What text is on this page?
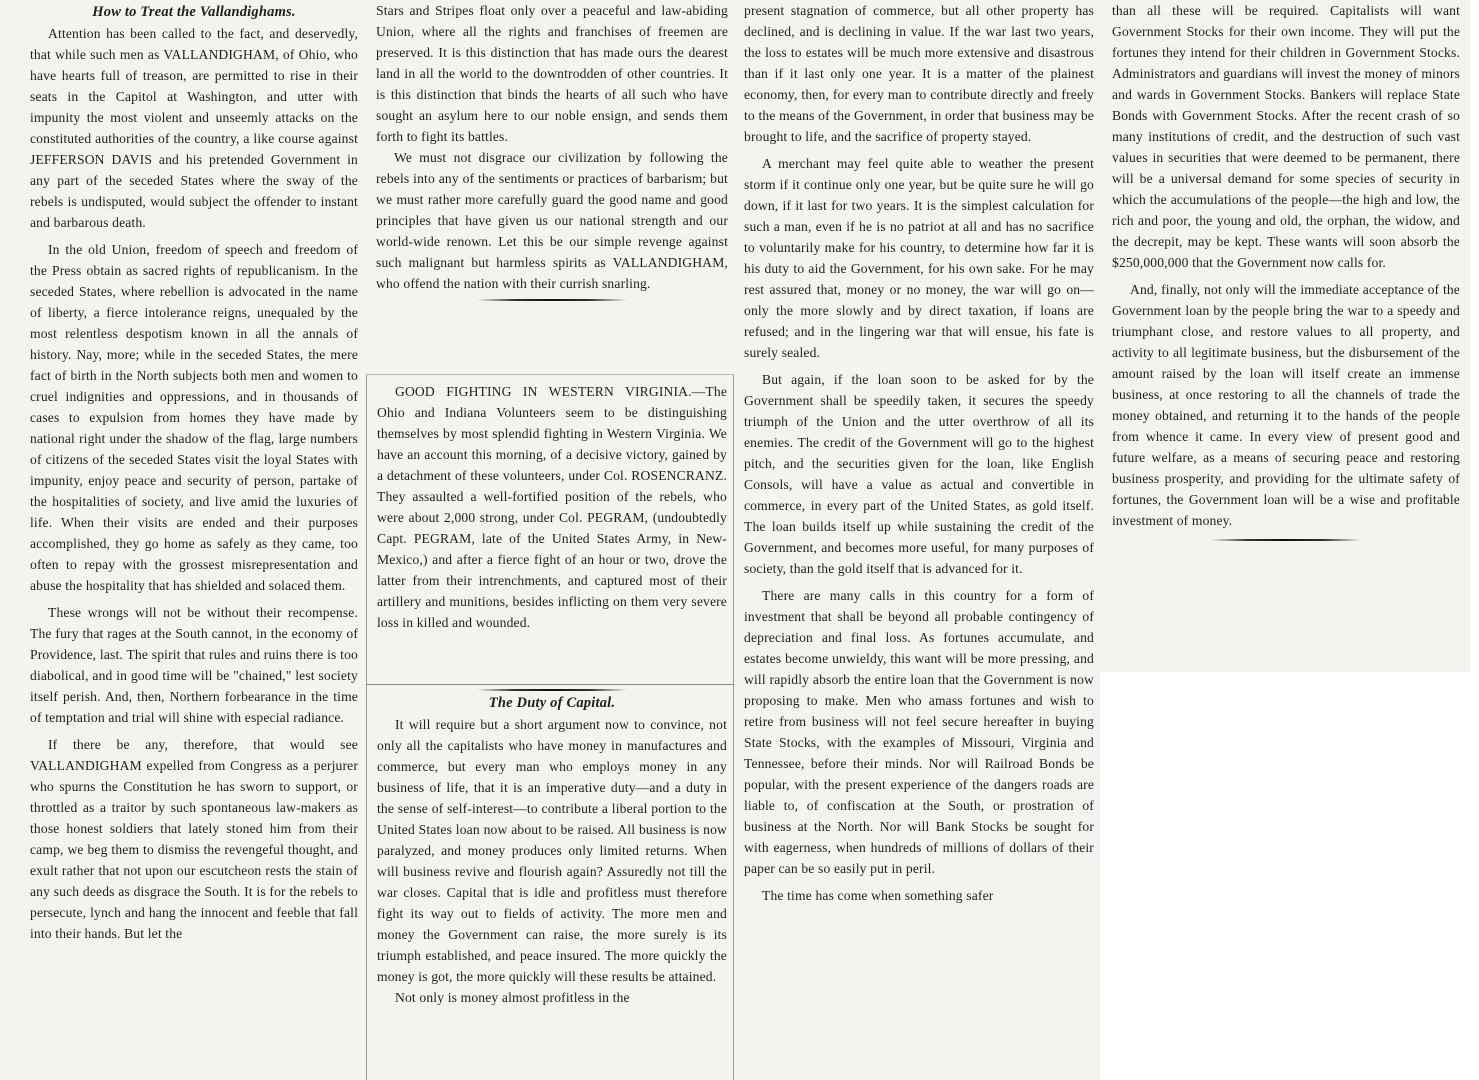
How to Treat the Vallandighams.

Attention has been called to the fact, and deservedly, that while such men as VALLANDIGHAM, of Ohio, who have hearts full of treason, are permitted to rise in their seats in the Capitol at Washington, and utter with impunity the most violent and unseemly attacks on the constituted authorities of the country, a like course against JEFFERSON DAVIS and his pretended Government in any part of the seceded States where the sway of the rebels is undisputed, would subject the offender to instant and barbarous death.

In the old Union, freedom of speech and freedom of the Press obtain as sacred rights of republicanism. In the seceded States, where rebellion is advocated in the name of liberty, a fierce intolerance reigns, unequaled by the most relentless despotism known in all the annals of history. Nay, more; while in the seceded States, the mere fact of birth in the North subjects both men and women to cruel indignities and oppressions, and in thousands of cases to expulsion from homes they have made by national right under the shadow of the flag, large numbers of citizens of the seceded States visit the loyal States with impunity, enjoy peace and security of person, partake of the hospitalities of society, and live amid the luxuries of life. When their visits are ended and their purposes accomplished, they go home as safely as they came, too often to repay with the grossest misrepresentation and abuse the hospitality that has shielded and solaced them.

These wrongs will not be without their recompense. The fury that rages at the South cannot, in the economy of Providence, last. The spirit that rules and ruins there is too diabolical, and in good time will be "chained," lest society itself perish. And, then, Northern forbearance in the time of temptation and trial will shine with especial radiance.

If there be any, therefore, that would see VALLANDIGHAM expelled from Congress as a perjurer who spurns the Constitution he has sworn to support, or throttled as a traitor by such spontaneous law-makers as those honest soldiers that lately stoned him from their camp, we beg them to dismiss the revengeful thought, and exult rather that not upon our escutcheon rests the stain of any such deeds as disgrace the South. It is for the rebels to persecute, lynch and hang the innocent and feeble that fall into their hands. But let the

Stars and Stripes float only over a peaceful and law-abiding Union, where all the rights and franchises of freemen are preserved. It is this distinction that has made ours the dearest land in all the world to the downtrodden of other countries. It is this distinction that binds the hearts of all such who have sought an asylum here to our noble ensign, and sends them forth to fight its battles.

We must not disgrace our civilization by following the rebels into any of the sentiments or practices of barbarism; but we must rather more carefully guard the good name and good principles that have given us our national strength and our world-wide renown. Let this be our simple revenge against such malignant but harmless spirits as VALLANDIGHAM, who offend the nation with their currish snarling.

GOOD FIGHTING IN WESTERN VIRGINIA.—The Ohio and Indiana Volunteers seem to be distinguishing themselves by most splendid fighting in Western Virginia. We have an account this morning, of a decisive victory, gained by a detachment of these volunteers, under Col. ROSENCRANZ. They assaulted a well-fortified position of the rebels, who were about 2,000 strong, under Col. PEGRAM, (undoubtedly Capt. PEGRAM, late of the United States Army, in New-Mexico,) and after a fierce fight of an hour or two, drove the latter from their intrenchments, and captured most of their artillery and munitions, besides inflicting on them very severe loss in killed and wounded.

The Duty of Capital.

It will require but a short argument now to convince, not only all the capitalists who have money in manufactures and commerce, but every man who employs money in any business of life, that it is an imperative duty—and a duty in the sense of self-interest—to contribute a liberal portion to the United States loan now about to be raised. All business is now paralyzed, and money produces only limited returns. When will business revive and flourish again? Assuredly not till the war closes. Capital that is idle and profitless must therefore fight its way out to fields of activity. The more men and money the Government can raise, the more surely is its triumph established, and peace insured. The more quickly the money is got, the more quickly will these results be attained.

Not only is money almost profitless in the

present stagnation of commerce, but all other property has declined, and is declining in value. If the war last two years, the loss to estates will be much more extensive and disastrous than if it last only one year. It is a matter of the plainest economy, then, for every man to contribute directly and freely to the means of the Government, in order that business may be brought to life, and the sacrifice of property stayed.

A merchant may feel quite able to weather the present storm if it continue only one year, but be quite sure he will go down, if it last for two years. It is the simplest calculation for such a man, even if he is no patriot at all and has no sacrifice to voluntarily make for his country, to determine how far it is his duty to aid the Government, for his own sake. For he may rest assured that, money or no money, the war will go on—only the more slowly and by direct taxation, if loans are refused; and in the lingering war that will ensue, his fate is surely sealed.

But again, if the loan soon to be asked for by the Government shall be speedily taken, it secures the speedy triumph of the Union and the utter overthrow of all its enemies. The credit of the Government will go to the highest pitch, and the securities given for the loan, like English Consols, will have a value as actual and convertible in commerce, in every part of the United States, as gold itself. The loan builds itself up while sustaining the credit of the Government, and becomes more useful, for many purposes of society, than the gold itself that is advanced for it.

There are many calls in this country for a form of investment that shall be beyond all probable contingency of depreciation and final loss. As fortunes accumulate, and estates become unwieldy, this want will be more pressing, and will rapidly absorb the entire loan that the Government is now proposing to make. Men who amass fortunes and wish to retire from business will not feel secure hereafter in buying State Stocks, with the examples of Missouri, Virginia and Tennessee, before their minds. Nor will Railroad Bonds be popular, with the present experience of the dangers roads are liable to, of confiscation at the South, or prostration of business at the North. Nor will Bank Stocks be sought for with eagerness, when hundreds of millions of dollars of their paper can be so easily put in peril.

The time has come when something safer

than all these will be required. Capitalists will want Government Stocks for their own income. They will put the fortunes they intend for their children in Government Stocks. Administrators and guardians will invest the money of minors and wards in Government Stocks. Bankers will replace State Bonds with Government Stocks. After the recent crash of so many institutions of credit, and the destruction of such vast values in securities that were deemed to be permanent, there will be a universal demand for some species of security in which the accumulations of the people—the high and low, the rich and poor, the young and old, the orphan, the widow, and the decrepit, may be kept. These wants will soon absorb the $250,000,000 that the Government now calls for.

And, finally, not only will the immediate acceptance of the Government loan by the people bring the war to a speedy and triumphant close, and restore values to all property, and activity to all legitimate business, but the disbursement of the amount raised by the loan will itself create an immense business, at once restoring to all the channels of trade the money obtained, and returning it to the hands of the people from whence it came. In every view of present good and future welfare, as a means of securing peace and restoring business prosperity, and providing for the ultimate safety of fortunes, the Government loan will be a wise and profitable investment of money.
